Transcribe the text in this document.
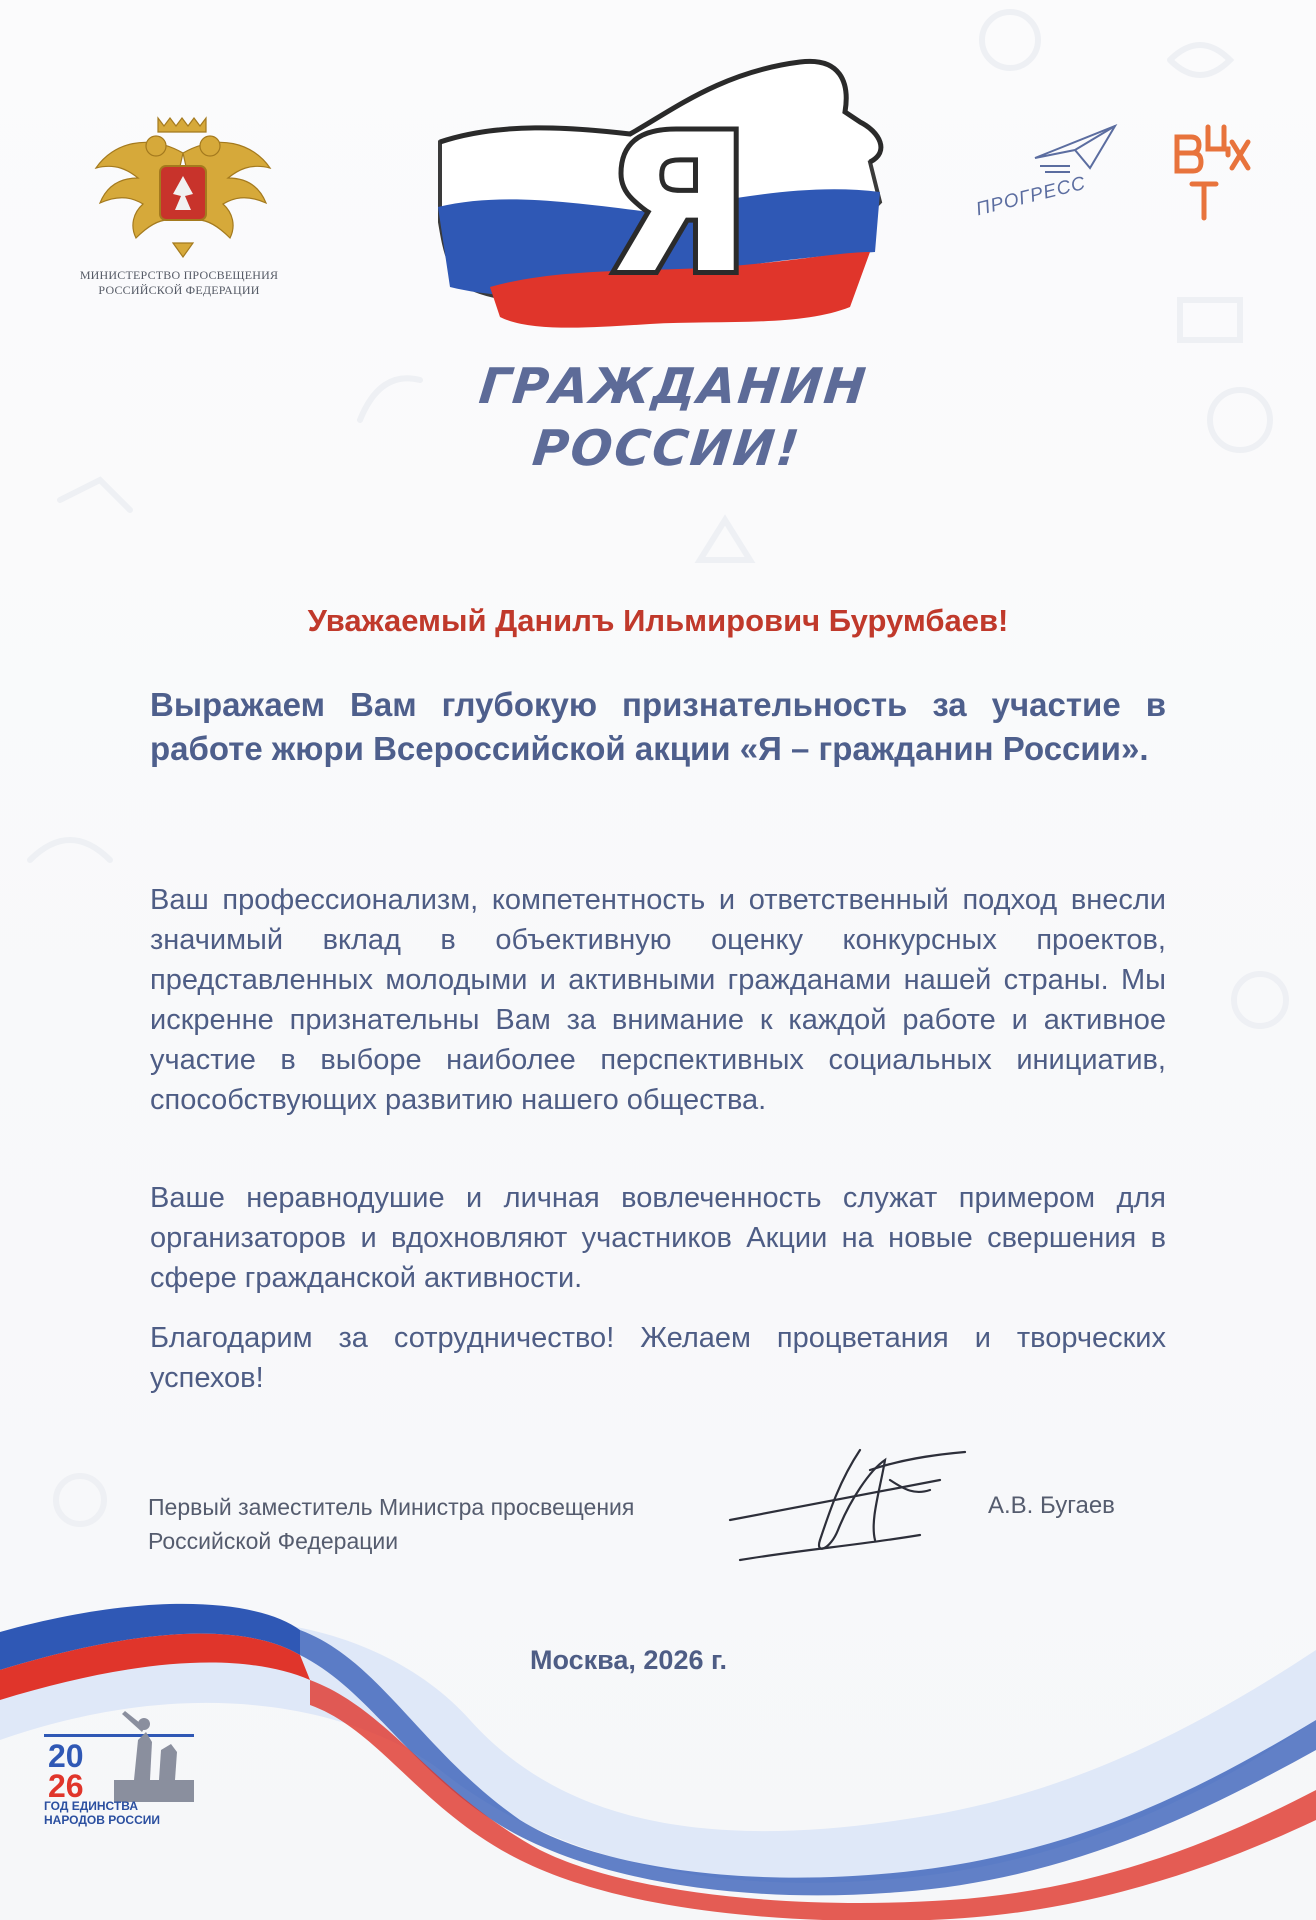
МИНИСТЕРСТВО ПРОСВЕЩЕНИЯ
РОССИЙСКОЙ ФЕДЕРАЦИИ Я	ПРОГРЕСС
ГРАЖДАНИН
РОССИИ!
Уважаемый Данилъ Ильмирович Бурумбаев!
Выражаем Вам глубокую признательность за участие в работе жюри Всероссийской акции «Я – гражданин России».
Ваш профессионализм, компетентность и ответственный подход внесли значимый вклад в объективную оценку конкурсных проектов, представленных молодыми и активными гражданами нашей страны. Мы искренне признательны Вам за внимание к каждой работе и активное участие в выборе наиболее перспективных социальных инициатив, способствующих развитию нашего общества.
Ваше неравнодушие и личная вовлеченность служат примером для организаторов и вдохновляют участников Акции на новые свершения в сфере гражданской активности.
Благодарим за сотрудничество! Желаем процветания и творческих успехов!
Первый заместитель Министра просвещения
Российской Федерации
А.В. Бугаев
Москва, 2026 г.
20
26
ГОД ЕДИНСТВА
НАРОДОВ РОССИИ
